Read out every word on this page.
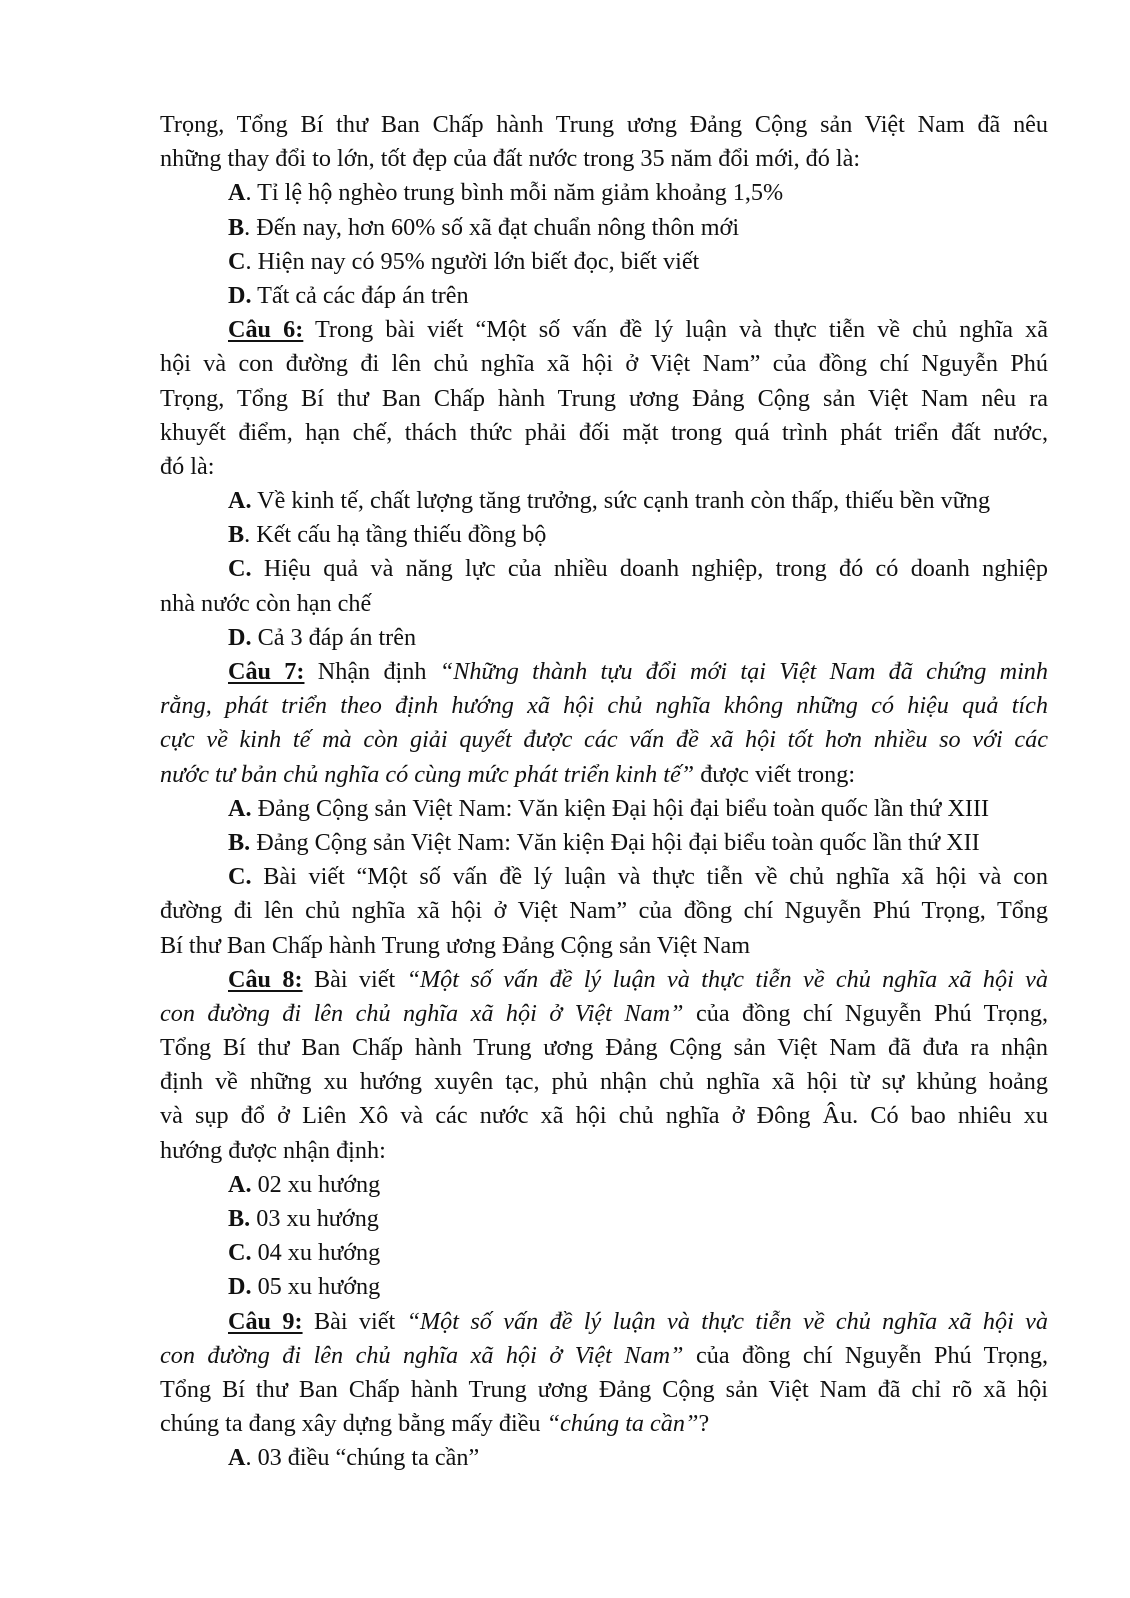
Trọng, Tổng Bí thư Ban Chấp hành Trung ương Đảng Cộng sản Việt Nam đã nêu
những thay đổi to lớn, tốt đẹp của đất nước trong 35 năm đổi mới, đó là:
A. Tỉ lệ hộ nghèo trung bình mỗi năm giảm khoảng 1,5%
B. Đến nay, hơn 60% số xã đạt chuẩn nông thôn mới
C. Hiện nay có 95% người lớn biết đọc, biết viết
D. Tất cả các đáp án trên
Câu 6: Trong bài viết “Một số vấn đề lý luận và thực tiễn về chủ nghĩa xã
hội và con đường đi lên chủ nghĩa xã hội ở Việt Nam” của đồng chí Nguyễn Phú
Trọng, Tổng Bí thư Ban Chấp hành Trung ương Đảng Cộng sản Việt Nam nêu ra
khuyết điểm, hạn chế, thách thức phải đối mặt trong quá trình phát triển đất nước,
đó là:
A. Về kinh tế, chất lượng tăng trưởng, sức cạnh tranh còn thấp, thiếu bền vững
B. Kết cấu hạ tầng thiếu đồng bộ
C. Hiệu quả và năng lực của nhiều doanh nghiệp, trong đó có doanh nghiệp
nhà nước còn hạn chế
D. Cả 3 đáp án trên
Câu 7: Nhận định “Những thành tựu đổi mới tại Việt Nam đã chứng minh
rằng, phát triển theo định hướng xã hội chủ nghĩa không những có hiệu quả tích
cực về kinh tế mà còn giải quyết được các vấn đề xã hội tốt hơn nhiều so với các
nước tư bản chủ nghĩa có cùng mức phát triển kinh tế” được viết trong:
A. Đảng Cộng sản Việt Nam: Văn kiện Đại hội đại biểu toàn quốc lần thứ XIII
B. Đảng Cộng sản Việt Nam: Văn kiện Đại hội đại biểu toàn quốc lần thứ XII
C. Bài viết “Một số vấn đề lý luận và thực tiễn về chủ nghĩa xã hội và con
đường đi lên chủ nghĩa xã hội ở Việt Nam” của đồng chí Nguyễn Phú Trọng, Tổng
Bí thư Ban Chấp hành Trung ương Đảng Cộng sản Việt Nam
Câu 8: Bài viết “Một số vấn đề lý luận và thực tiễn về chủ nghĩa xã hội và
con đường đi lên chủ nghĩa xã hội ở Việt Nam” của đồng chí Nguyễn Phú Trọng,
Tổng Bí thư Ban Chấp hành Trung ương Đảng Cộng sản Việt Nam đã đưa ra nhận
định về những xu hướng xuyên tạc, phủ nhận chủ nghĩa xã hội từ sự khủng hoảng
và sụp đổ ở Liên Xô và các nước xã hội chủ nghĩa ở Đông Âu. Có bao nhiêu xu
hướng được nhận định:
A. 02 xu hướng
B. 03 xu hướng
C. 04 xu hướng
D. 05 xu hướng
Câu 9: Bài viết “Một số vấn đề lý luận và thực tiễn về chủ nghĩa xã hội và
con đường đi lên chủ nghĩa xã hội ở Việt Nam” của đồng chí Nguyễn Phú Trọng,
Tổng Bí thư Ban Chấp hành Trung ương Đảng Cộng sản Việt Nam đã chỉ rõ xã hội
chúng ta đang xây dựng bằng mấy điều “chúng ta cần”?
A. 03 điều “chúng ta cần”
